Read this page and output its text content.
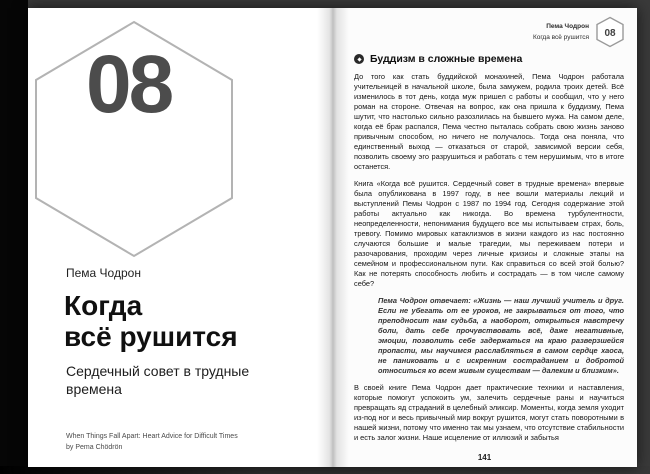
08
Пема Чодрон
Когда
всё рушится
Сердечный совет в трудные времена
When Things Fall Apart: Heart Advice for Difficult Times by Pema Chödrön
Пема Чодрон
Когда всё рушится 08
Буддизм в сложные времена

До того как стать буддийской монахиней, Пема Чодрон работала учительницей в начальной школе, была замужем, родила троих детей. Всё изменилось в тот день, когда муж пришел с работы и сообщил, что у него роман на стороне. Отвечая на вопрос, как она пришла к буддизму, Пема шутит, что настолько сильно разозлилась на бывшего мужа. На самом деле, когда её брак распался, Пема честно пыталась собрать свою жизнь заново привычным способом, но ничего не получалось. Тогда она поняла, что единственный выход — отказаться от старой, зависимой версии себя, позволить своему эго разрушиться и работать с тем нерушимым, что в итоге останется.

Книга «Когда всё рушится. Сердечный совет в трудные времена» впервые была опубликована в 1997 году, в нее вошли материалы лекций и выступлений Пемы Чодрон с 1987 по 1994 год. Сегодня содержание этой работы актуально как никогда. Во времена турбулентности, неопределенности, непонимания будущего все мы испытываем страх, боль, тревогу. Помимо мировых катаклизмов в жизни каждого из нас постоянно случаются большие и малые трагедии, мы переживаем потери и разочарования, проходим через личные кризисы и сложные этапы на семейном и профессиональном пути. Как справиться со всей этой болью? Как не потерять способность любить и сострадать — в том числе самому себе?

Пема Чодрон отвечает: «Жизнь — наш лучший учитель и друг. Если не убегать от ее уроков, не закрываться от того, что преподносит нам судьба, а наоборот, открыться навстречу боли, дать себе прочувствовать всё, даже негативные, эмоции, позволить себе задержаться на краю разверзшейся пропасти, мы научимся расслабляться в самом сердце хаоса, не паниковать и с искренним состраданием и добротой относиться ко всем живым существам — далеким и близким».

В своей книге Пема Чодрон дает практические техники и наставления, которые помогут успокоить ум, залечить сердечные раны и научиться превращать яд страданий в целебный эликсир. Моменты, когда земля уходит из-под ног и весь привычный мир вокруг рушится, могут стать поворотными в нашей жизни, потому что именно так мы узнаем, что отсутствие стабильности и есть залог жизни. Наше исцеление от иллюзий и забытья

141
